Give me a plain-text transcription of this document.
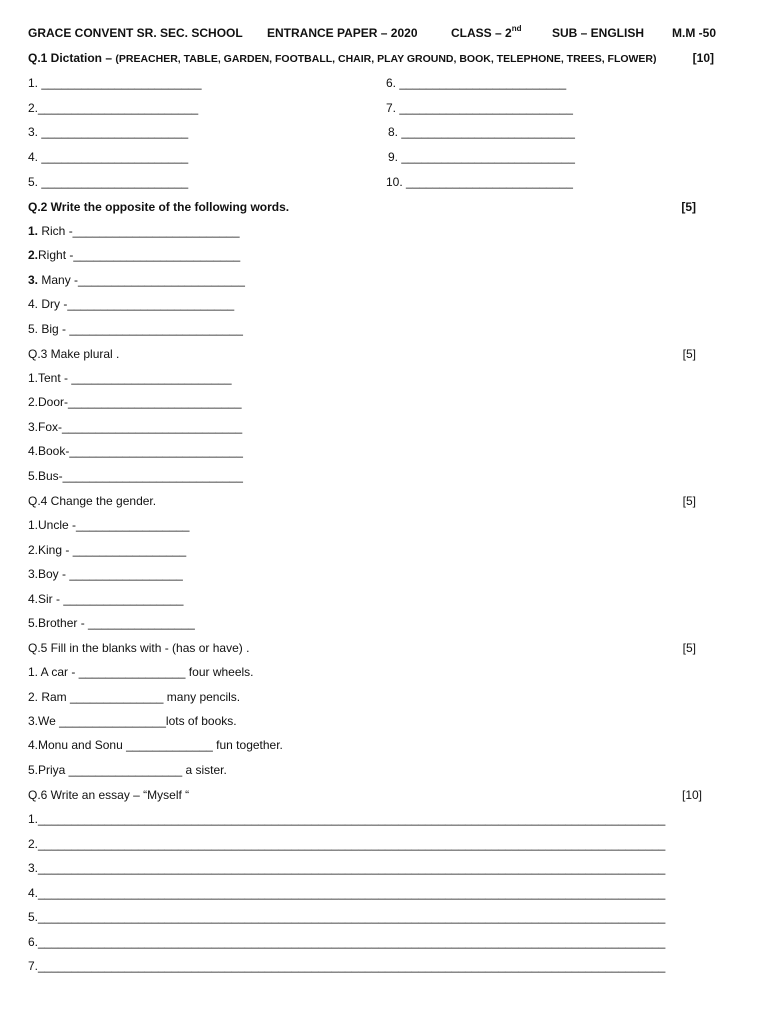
GRACE CONVENT SR. SEC. SCHOOL ENTRANCE PAPER – 2020	CLASS – 2nd	SUB – ENGLISH M.M -50
Q.1 Dictation – (PREACHER, TABLE, GARDEN, FOOTBALL, CHAIR, PLAY GROUND, BOOK, TELEPHONE, TREES, FLOWER)	[10]
1. ________________________
2.________________________
3. ______________________
4. ______________________
5. ______________________
6. _________________________
7. __________________________
8. __________________________
9. __________________________
10. _________________________
Q.2 Write the opposite of the following words.	[5]
1. Rich -_________________________
2.Right -_________________________
3. Many -_________________________
4. Dry -_________________________
5. Big - __________________________
Q.3 Make plural .	[5]
1.Tent - ________________________
2.Door-__________________________
3.Fox-___________________________
4.Book-__________________________
5.Bus-___________________________
Q.4 Change the gender.	[5]
1.Uncle -_________________
2.King - _________________
3.Boy - _________________
4.Sir - __________________
5.Brother - ________________
Q.5 Fill in the blanks with - (has or have) .	[5]
1. A car - ________________ four wheels.
2. Ram ______________ many pencils.
3.We ________________lots of books.
4.Monu and Sonu _____________ fun together.
5.Priya _________________ a sister.
Q.6 Write an essay – “Myself “	[10]
1.______________________________________________________________________________________________
2.______________________________________________________________________________________________
3.______________________________________________________________________________________________
4.______________________________________________________________________________________________
5.______________________________________________________________________________________________
6.______________________________________________________________________________________________
7.______________________________________________________________________________________________
